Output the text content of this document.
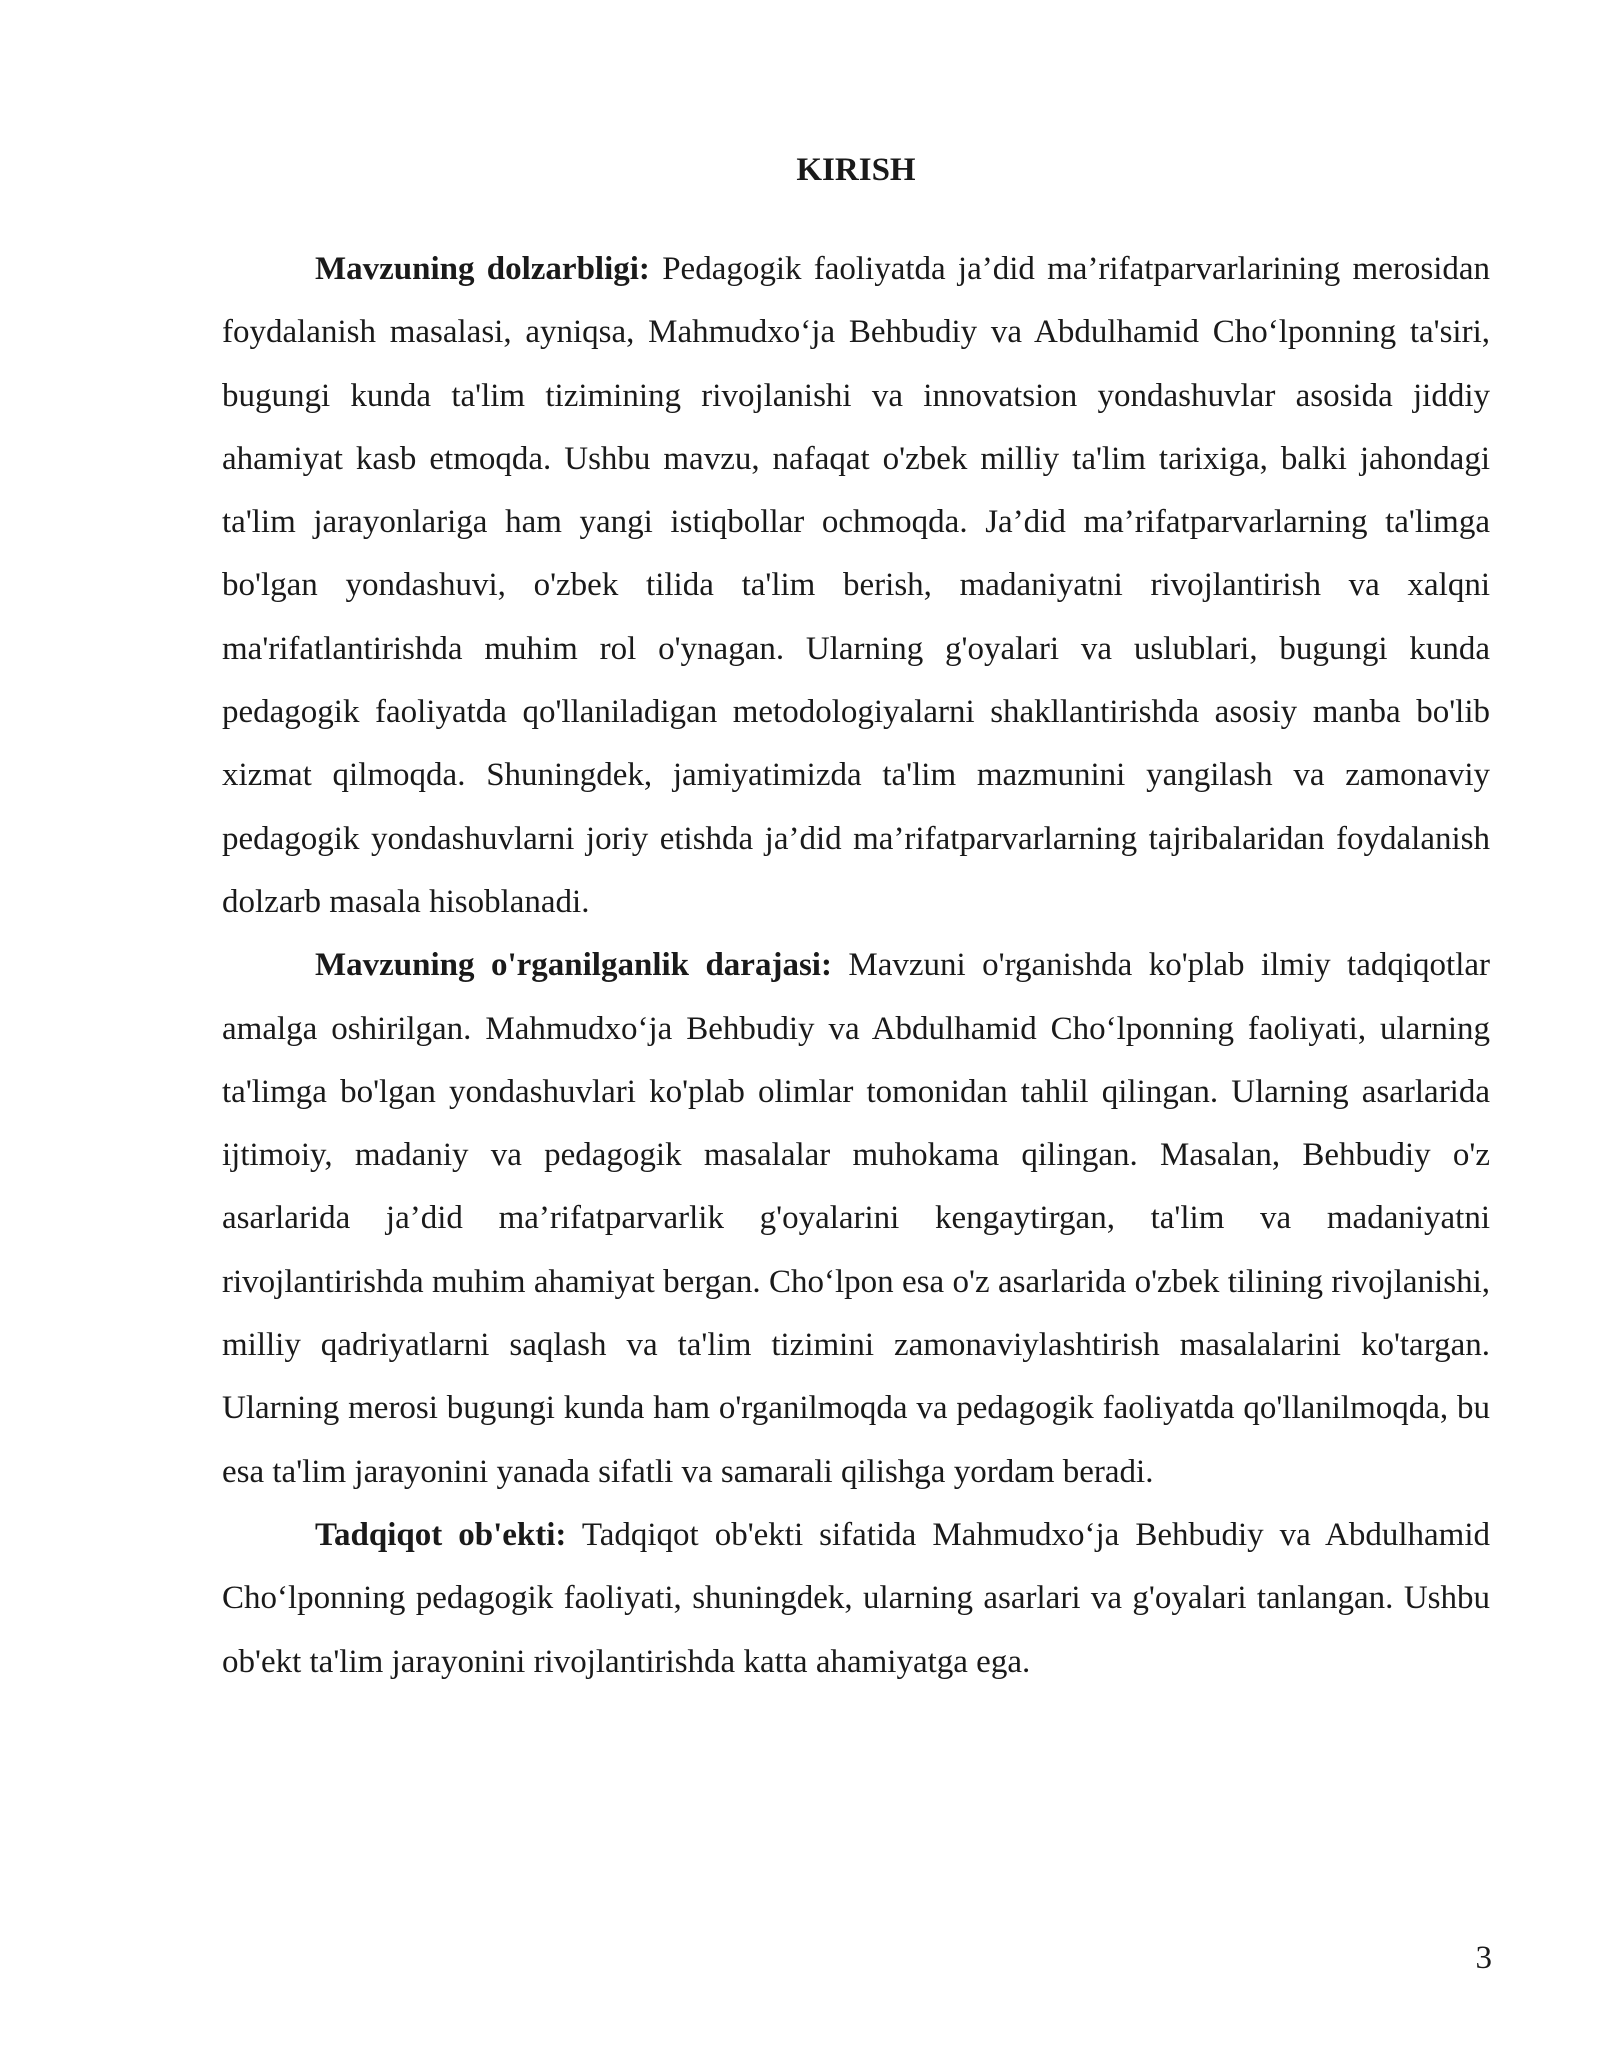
KIRISH

Mavzuning dolzarbligi: Pedagogik faoliyatda ja’did ma’rifatparvarlarining merosidan foydalanish masalasi, ayniqsa, Mahmudxo‘ja Behbudiy va Abdulhamid Cho‘lponning ta'siri, bugungi kunda ta'lim tizimining rivojlanishi va innovatsion yondashuvlar asosida jiddiy ahamiyat kasb etmoqda. Ushbu mavzu, nafaqat o'zbek milliy ta'lim tarixiga, balki jahondagi ta'lim jarayonlariga ham yangi istiqbollar ochmoqda. Ja’did ma’rifatparvarlarning ta'limga bo'lgan yondashuvi, o'zbek tilida ta'lim berish, madaniyatni rivojlantirish va xalqni ma'rifatlantirishda muhim rol o'ynagan. Ularning g'oyalari va uslublari, bugungi kunda pedagogik faoliyatda qo'llaniladigan metodologiyalarni shakllantirishda asosiy manba bo'lib xizmat qilmoqda. Shuningdek, jamiyatimizda ta'lim mazmunini yangilash va zamonaviy pedagogik yondashuvlarni joriy etishda ja’did ma’rifatparvarlarning tajribalaridan foydalanish dolzarb masala hisoblanadi.

Mavzuning o'rganilganlik darajasi: Mavzuni o'rganishda ko'plab ilmiy tadqiqotlar amalga oshirilgan. Mahmudxo‘ja Behbudiy va Abdulhamid Cho‘lponning faoliyati, ularning ta'limga bo'lgan yondashuvlari ko'plab olimlar tomonidan tahlil qilingan. Ularning asarlarida ijtimoiy, madaniy va pedagogik masalalar muhokama qilingan. Masalan, Behbudiy o'z asarlarida ja’did ma’rifatparvarlik g'oyalarini kengaytirgan, ta'lim va madaniyatni rivojlantirishda muhim ahamiyat bergan. Cho‘lpon esa o'z asarlarida o'zbek tilining rivojlanishi, milliy qadriyatlarni saqlash va ta'lim tizimini zamonaviylashtirish masalalarini ko'targan. Ularning merosi bugungi kunda ham o'rganilmoqda va pedagogik faoliyatda qo'llanilmoqda, bu esa ta'lim jarayonini yanada sifatli va samarali qilishga yordam beradi.

Tadqiqot ob'ekti: Tadqiqot ob'ekti sifatida Mahmudxo‘ja Behbudiy va Abdulhamid Cho‘lponning pedagogik faoliyati, shuningdek, ularning asarlari va g'oyalari tanlangan. Ushbu ob'ekt ta'lim jarayonini rivojlantirishda katta ahamiyatga ega.

3
